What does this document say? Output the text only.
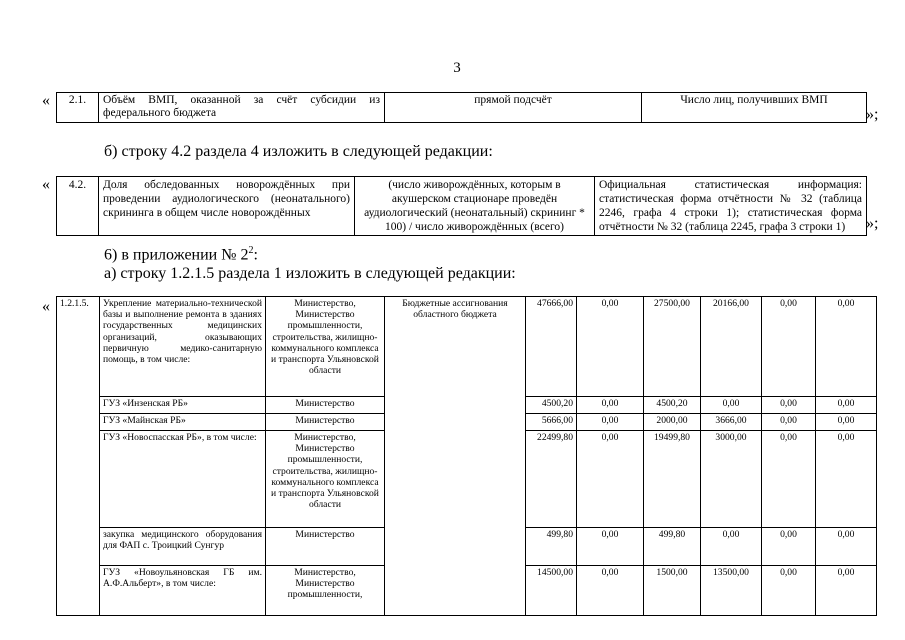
3
« 2.1.	Объём ВМП, оказанной за счёт субсидии из федерального бюджета	прямой подсчёт	Число лиц, получивших ВМП
»;
б) строку 4.2 раздела 4 изложить в следующей редакции:
« 4.2.	Доля обследованных новорождённых при проведении аудиологического (неонатального) скрининга в общем числе новорождённых	(число живорождённых, которым в акушерском стационаре проведён аудиологический (неонатальный) скрининг * 100) / число живорождённых (всего)	Официальная статистическая информация: статистическая форма отчётности № 32 (таблица 2246, графа 4 строки 1); статистическая форма отчётности № 32 (таблица 2245, графа 3 строки 1) »;
6) в приложении № $2^2$:
а) строку 1.2.1.5 раздела 1 изложить в следующей редакции:
« 1.2.1.5.	Укрепление материально-технической базы и выполнение ремонта в зданиях государственных медицинских организаций, оказывающих первичную медико-санитарную помощь, в том числе:	Министерство, Министерство промышленности, строительства, жилищно-коммунального комплекса и транспорта Ульяновской области	Бюджетные ассигнования областного бюджета	47666,00	0,00	27500,00	20166,00	0,00	0,00
	ГУЗ «Инзенская РБ»	Министерство		4500,20	0,00	4500,20	0,00	0,00	0,00
	ГУЗ «Майнская РБ»	Министерство		5666,00	0,00	2000,00	3666,00	0,00	0,00
	ГУЗ «Новоспасская РБ», в том числе:	Министерство, Министерство промышленности, строительства, жилищно-коммунального комплекса и транспорта Ульяновской области		22499,80	0,00	19499,80	3000,00	0,00	0,00
	закупка медицинского оборудования для ФАП с. Троицкий Сунгур	Министерство		499,80	0,00	499,80	0,00	0,00	0,00
	ГУЗ «Новоульяновская ГБ им. А.Ф.Альберт», в том числе:	Министерство, Министерство промышленности,		14500,00	0,00	1500,00	13500,00	0,00	0,00
